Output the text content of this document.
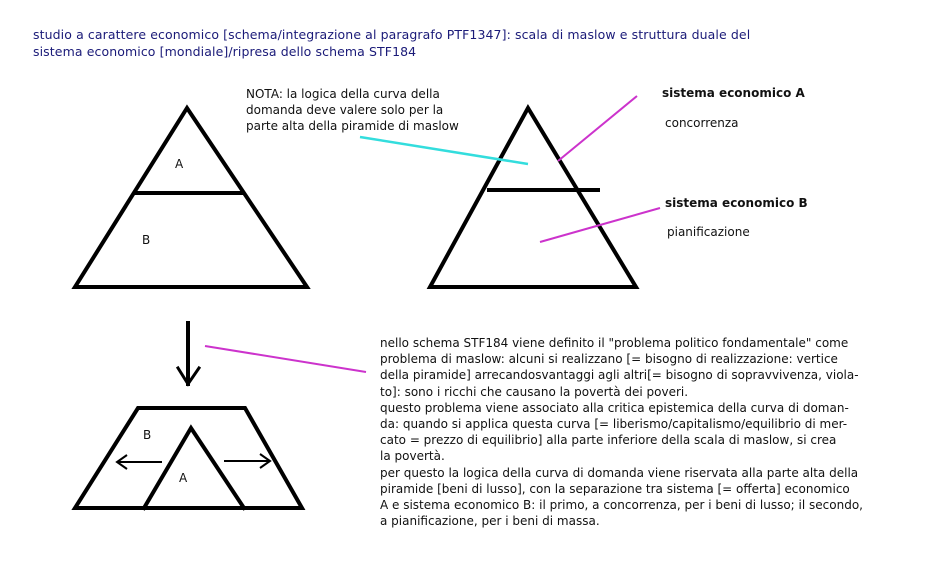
studio a carattere economico [schema/integrazione al paragrafo PTF1347]: scala di maslow e struttura duale del
sistema economico [mondiale]/ripresa dello schema STF184
NOTA: la logica della curva della
domanda deve valere solo per la
parte alta della piramide di maslow
A
B
sistema economico A
concorrenza
sistema economico B
pianificazione
B
A
nello schema STF184 viene definito il "problema politico fondamentale" come
problema di maslow: alcuni si realizzano [= bisogno di realizzazione: vertice
della piramide] arrecandosvantaggi agli altri[= bisogno di sopravvivenza, viola-
to]: sono i ricchi che causano la povertà dei poveri.
questo problema viene associato alla critica epistemica della curva di doman-
da: quando si applica questa curva [= liberismo/capitalismo/equilibrio di mer-
cato = prezzo di equilibrio] alla parte inferiore della scala di maslow, si crea
la povertà.
per questo la logica della curva di domanda viene riservata alla parte alta della
piramide [beni di lusso], con la separazione tra sistema [= offerta] economico
A e sistema economico B: il primo, a concorrenza, per i beni di lusso; il secondo,
a pianificazione, per i beni di massa.
